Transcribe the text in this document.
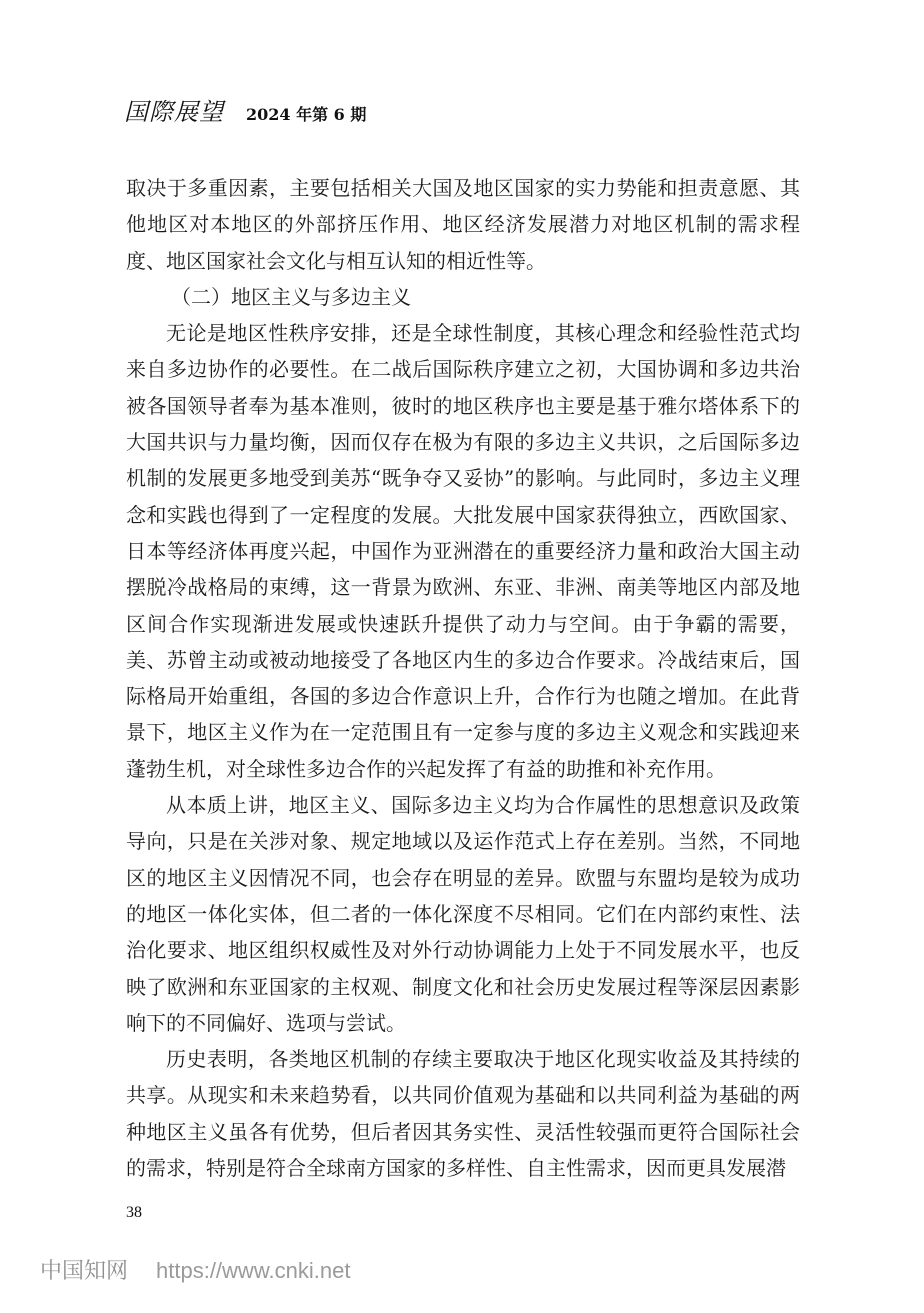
国際展望 2024 年第 6 期

取决于多重因素，主要包括相关大国及地区国家的实力势能和担责意愿、其他地区对本地区的外部挤压作用、地区经济发展潜力对地区机制的需求程度、地区国家社会文化与相互认知的相近性等。

（二）地区主义与多边主义

无论是地区性秩序安排，还是全球性制度，其核心理念和经验性范式均来自多边协作的必要性。在二战后国际秩序建立之初，大国协调和多边共治被各国领导者奉为基本准则，彼时的地区秩序也主要是基于雅尔塔体系下的大国共识与力量均衡，因而仅存在极为有限的多边主义共识，之后国际多边机制的发展更多地受到美苏“既争夺又妥协”的影响。与此同时，多边主义理念和实践也得到了一定程度的发展。大批发展中国家获得独立，西欧国家、日本等经济体再度兴起，中国作为亚洲潜在的重要经济力量和政治大国主动摆脱冷战格局的束缚，这一背景为欧洲、东亚、非洲、南美等地区内部及地区间合作实现渐进发展或快速跃升提供了动力与空间。由于争霸的需要，美、苏曾主动或被动地接受了各地区内生的多边合作要求。冷战结束后，国际格局开始重组，各国的多边合作意识上升，合作行为也随之增加。在此背景下，地区主义作为在一定范围且有一定参与度的多边主义观念和实践迎来蓬勃生机，对全球性多边合作的兴起发挥了有益的助推和补充作用。

从本质上讲，地区主义、国际多边主义均为合作属性的思想意识及政策导向，只是在关涉对象、规定地域以及运作范式上存在差别。当然，不同地区的地区主义因情况不同，也会存在明显的差异。欧盟与东盟均是较为成功的地区一体化实体，但二者的一体化深度不尽相同。它们在内部约束性、法治化要求、地区组织权威性及对外行动协调能力上处于不同发展水平，也反映了欧洲和东亚国家的主权观、制度文化和社会历史发展过程等深层因素影响下的不同偏好、选项与尝试。

历史表明，各类地区机制的存续主要取决于地区化现实收益及其持续的共享。从现实和未来趋势看，以共同价值观为基础和以共同利益为基础的两种地区主义虽各有优势，但后者因其务实性、灵活性较强而更符合国际社会的需求，特别是符合全球南方国家的多样性、自主性需求，因而更具发展潜

38
中国知网 https://www.cnki.net
